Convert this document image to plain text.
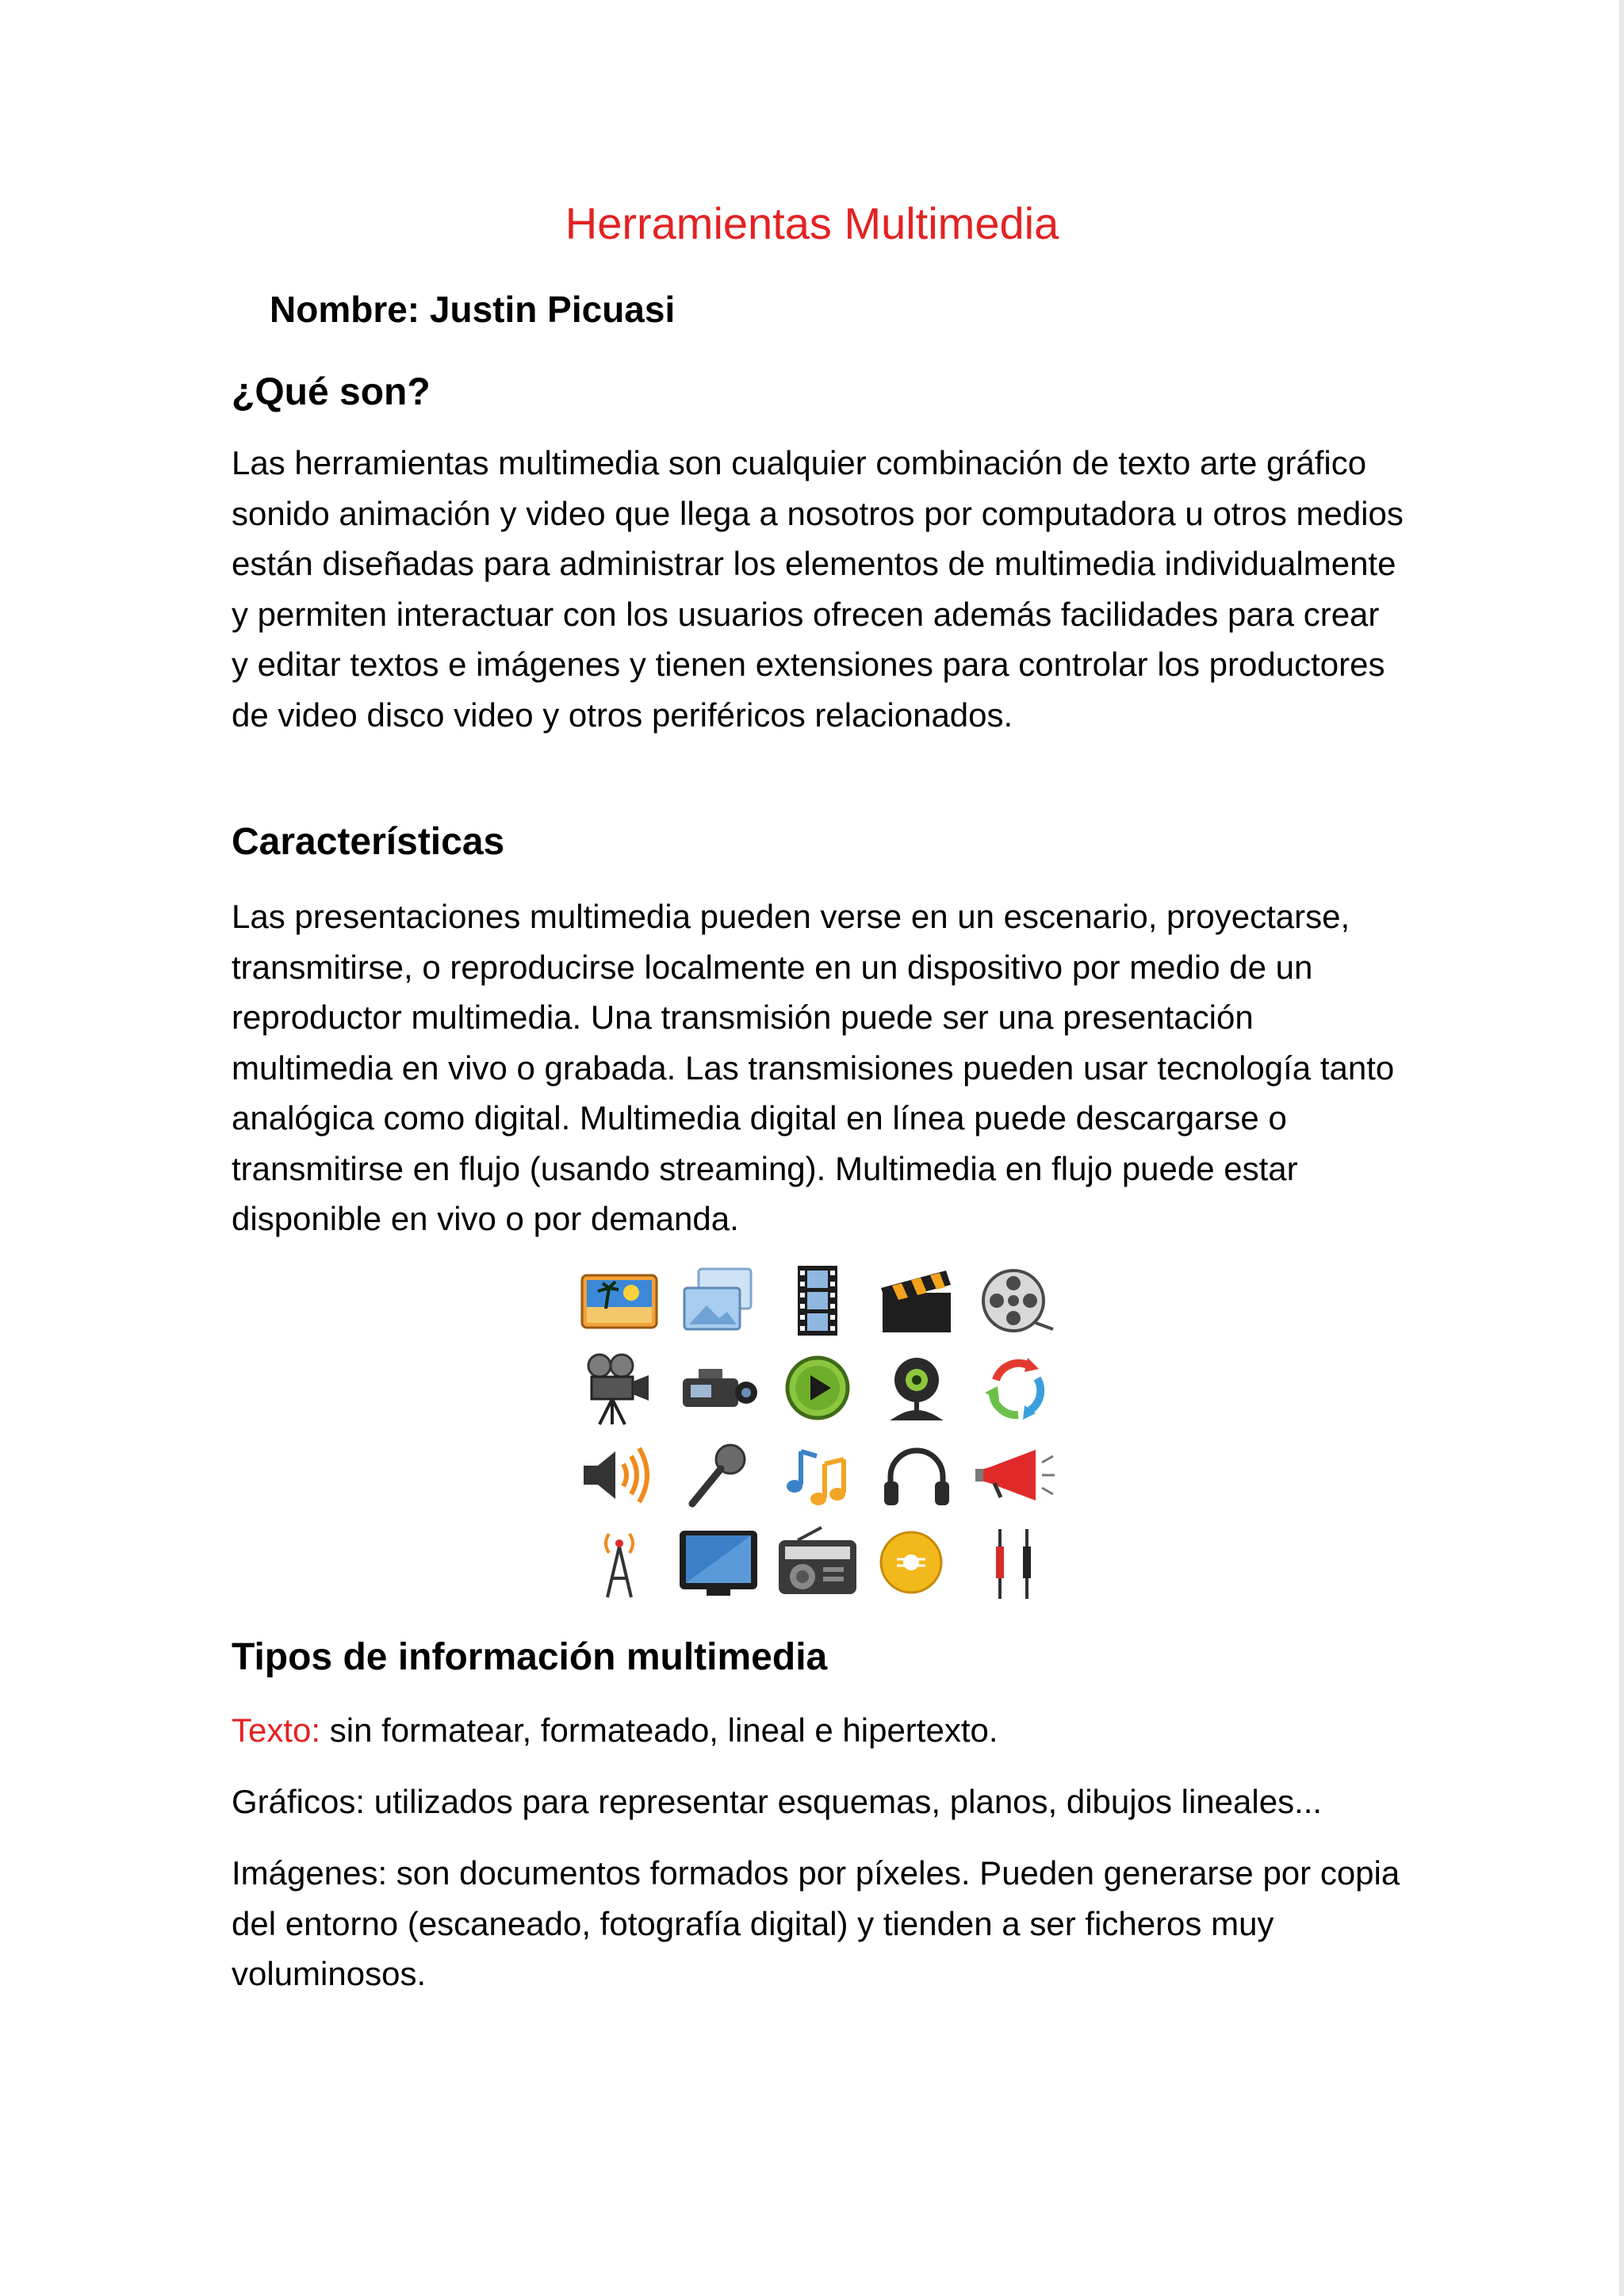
Herramientas Multimedia

Nombre: Justin Picuasi

¿Qué son?

Las herramientas multimedia son cualquier combinación de texto arte gráfico sonido animación y video que llega a nosotros por computadora u otros medios están diseñadas para administrar los elementos de multimedia individualmente y permiten interactuar con los usuarios ofrecen además facilidades para crear y editar textos e imágenes y tienen extensiones para controlar los productores de video disco video y otros periféricos relacionados.

Características

Las presentaciones multimedia pueden verse en un escenario, proyectarse, transmitirse, o reproducirse localmente en un dispositivo por medio de un reproductor multimedia. Una transmisión puede ser una presentación multimedia en vivo o grabada. Las transmisiones pueden usar tecnología tanto analógica como digital. Multimedia digital en línea puede descargarse o transmitirse en flujo (usando streaming). Multimedia en flujo puede estar disponible en vivo o por demanda.

Tipos de información multimedia

Texto: sin formatear, formateado, lineal e hipertexto.

Gráficos: utilizados para representar esquemas, planos, dibujos lineales...

Imágenes: son documentos formados por píxeles. Pueden generarse por copia del entorno (escaneado, fotografía digital) y tienden a ser ficheros muy voluminosos.
